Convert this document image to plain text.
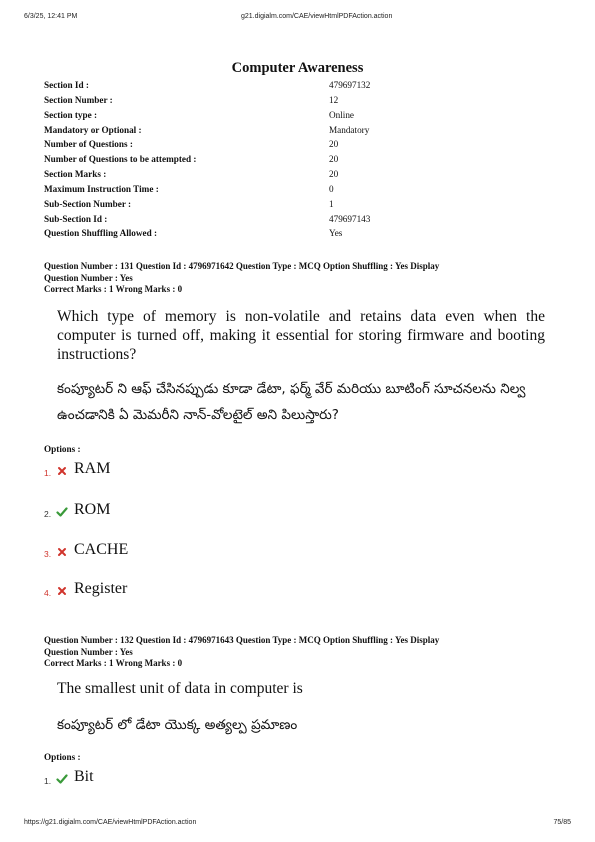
6/3/25, 12:41 PM	g21.digialm.com/CAE/viewHtmlPDFAction.action
Computer Awareness
Section Id :	479697132
Section Number :	12
Section type :	Online
Mandatory or Optional :	Mandatory
Number of Questions :	20
Number of Questions to be attempted :	20
Section Marks :	20
Maximum Instruction Time :	0
Sub-Section Number :	1
Sub-Section Id :	479697143
Question Shuffling Allowed :	Yes
Question Number : 131 Question Id : 4796971642 Question Type : MCQ Option Shuffling : Yes Display
Question Number : Yes
Correct Marks : 1 Wrong Marks : 0
Which type of memory is non-volatile and retains data even when the computer is turned off, making it essential for storing firmware and booting instructions?
కంప్యూటర్ ని ఆఫ్ చేసినప్పుడు కూడా డేటా, ఫర్మ్ వేర్ మరియు బూటింగ్ సూచనలను నిల్వ ఉంచడానికి ఏ మెమరీని నాన్-వోలటైల్ అని పిలుస్తారు?
Options :
1. RAM
2. ROM
3. CACHE
4. Register
Question Number : 132 Question Id : 4796971643 Question Type : MCQ Option Shuffling : Yes Display
Question Number : Yes
Correct Marks : 1 Wrong Marks : 0
The smallest unit of data in computer is
కంప్యూటర్ లో డేటా యొక్క అత్యల్ప ప్రమాణం
Options :
1. Bit
https://g21.digialm.com/CAE/viewHtmlPDFAction.action	75/85
